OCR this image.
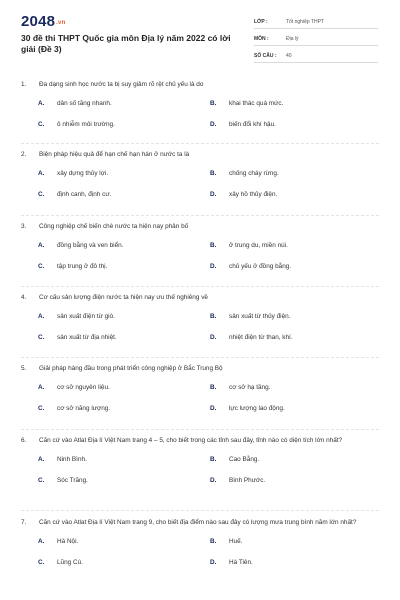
2048.vn
30 đề thi THPT Quốc gia môn Địa lý năm 2022 có lời giải (Đề 3)
LỚP :	Tốt nghiệp THPT
MÔN :	Địa lý
SỐ CÂU :	40
1.	Đa dạng sinh học nước ta bị suy giảm rõ rệt chủ yếu là do
A.	dân số tăng nhanh.	B.	khai thác quá mức.
C.	ô nhiễm môi trường.	D.	biến đổi khí hậu.
2.	Biện pháp hiệu quả để hạn chế hạn hán ở nước ta là
A.	xây dựng thủy lợi.	B.	chống cháy rừng.
C.	định canh, định cư.	D.	xây hồ thủy điện.
3.	Công nghiệp chế biến chè nước ta hiện nay phân bố
A.	đồng bằng và ven biển.	B.	ở trung du, miền núi.
C.	tập trung ở đô thị.	D.	chủ yếu ở đồng bằng.
4.	Cơ cấu sản lượng điện nước ta hiện nay ưu thế nghiêng về
A.	sản xuất điện từ gió.	B.	sản xuất từ thủy điện.
C.	sản xuất từ địa nhiệt.	D.	nhiệt điện từ than, khí.
5.	Giải pháp hàng đầu trong phát triển công nghiệp ở Bắc Trung Bộ
A.	cơ sở nguyên liệu.	B.	cơ sở hạ tầng.
C.	cơ sở năng lượng.	D.	lực lượng lao động.
6.	Căn cứ vào Atlat Địa lí Việt Nam trang 4 – 5, cho biết trong các tỉnh sau đây, tỉnh nào có diện tích lớn nhất?
A.	Ninh Bình.	B.	Cao Bằng.
C.	Sóc Trăng.	D.	Bình Phước.
7.	Căn cứ vào Atlat Địa lí Việt Nam trang 9, cho biết địa điểm nào sau đây có lượng mưa trung bình năm lớn nhất?
A.	Hà Nội.	B.	Huế.
C.	Lũng Cú.	D.	Hà Tiên.
